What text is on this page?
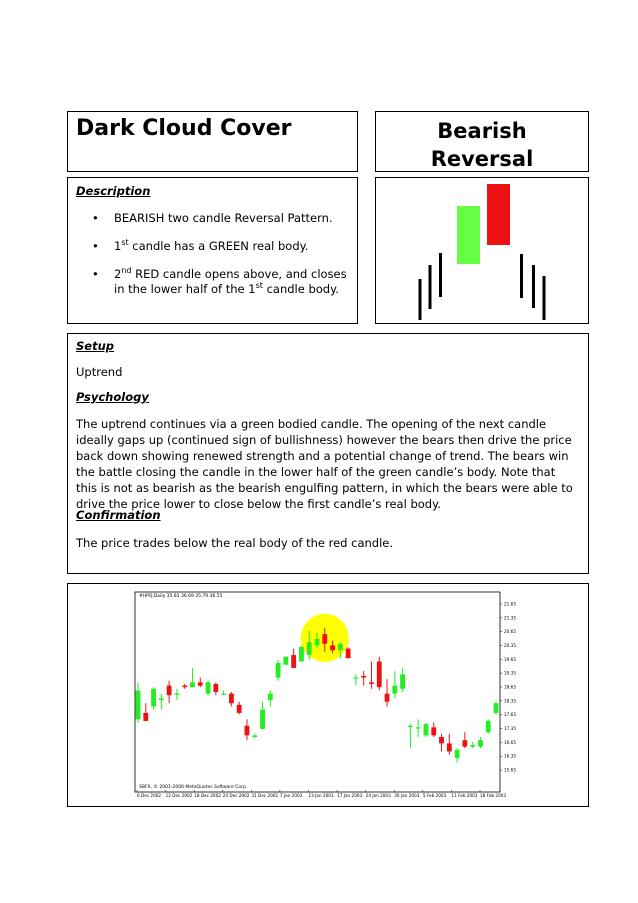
Dark Cloud Cover	Bearish
Reversal
Description
• BEARISH two candle Reversal Pattern.
• 1st candle has a GREEN real body.
• 2nd RED candle opens above, and closes in the lower half of the 1st candle body.
Setup
Uptrend
Psychology
The uptrend continues via a green bodied candle. The opening of the next candle ideally gaps up (continued sign of bullishness) however the bears then drive the price back down showing renewed strength and a potential change of trend. The bears win the battle closing the candle in the lower half of the green candle’s body. Note that this is not as bearish as the bearish engulfing pattern, in which the bears were able to drive the price lower to close below the first candle’s real body.
Confirmation
The price trades below the real body of the red candle.
#HPQ,Daily 35.83 36.69 35.79 36.55
SBFX, © 2001-2006 MetaQuotes Software Corp.
21.65
21.35
20.65
20.35
19.65
19.35
18.65
18.35
17.65
17.35
16.65
16.35
15.65
6 Dec 2002 12 Dec 2002 18 Dec 2002 24 Dec 2002 31 Dec 2002 7 Jan 2003 13 Jan 2003 17 Jan 2003 24 Jan 2003 30 Jan 2003 5 Feb 2003 11 Feb 2003 18 Feb 2003
